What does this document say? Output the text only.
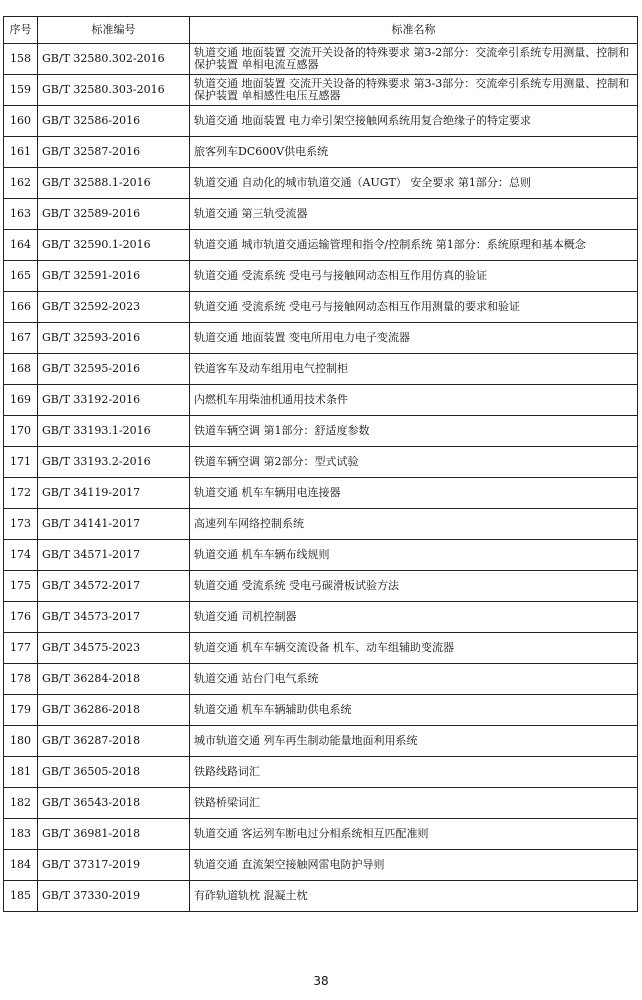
序号	标准编号	标准名称
158	GB/T 32580.302-2016	轨道交通 地面装置 交流开关设备的特殊要求 第3-2部分：交流牵引系统专用测量、控制和保护装置 单相电流互感器
159	GB/T 32580.303-2016	轨道交通 地面装置 交流开关设备的特殊要求 第3-3部分：交流牵引系统专用测量、控制和保护装置 单相感性电压互感器
160	GB/T 32586-2016	轨道交通 地面装置 电力牵引架空接触网系统用复合绝缘子的特定要求
161	GB/T 32587-2016	旅客列车DC600V供电系统
162	GB/T 32588.1-2016	轨道交通 自动化的城市轨道交通（AUGT） 安全要求 第1部分：总则
163	GB/T 32589-2016	轨道交通 第三轨受流器
164	GB/T 32590.1-2016	轨道交通 城市轨道交通运输管理和指令/控制系统 第1部分：系统原理和基本概念
165	GB/T 32591-2016	轨道交通 受流系统 受电弓与接触网动态相互作用仿真的验证
166	GB/T 32592-2023	轨道交通 受流系统 受电弓与接触网动态相互作用测量的要求和验证
167	GB/T 32593-2016	轨道交通 地面装置 变电所用电力电子变流器
168	GB/T 32595-2016	铁道客车及动车组用电气控制柜
169	GB/T 33192-2016	内燃机车用柴油机通用技术条件
170	GB/T 33193.1-2016	铁道车辆空调 第1部分：舒适度参数
171	GB/T 33193.2-2016	铁道车辆空调 第2部分：型式试验
172	GB/T 34119-2017	轨道交通 机车车辆用电连接器
173	GB/T 34141-2017	高速列车网络控制系统
174	GB/T 34571-2017	轨道交通 机车车辆布线规则
175	GB/T 34572-2017	轨道交通 受流系统 受电弓碳滑板试验方法
176	GB/T 34573-2017	轨道交通 司机控制器
177	GB/T 34575-2023	轨道交通 机车车辆交流设备 机车、动车组辅助变流器
178	GB/T 36284-2018	轨道交通 站台门电气系统
179	GB/T 36286-2018	轨道交通 机车车辆辅助供电系统
180	GB/T 36287-2018	城市轨道交通 列车再生制动能量地面利用系统
181	GB/T 36505-2018	铁路线路词汇
182	GB/T 36543-2018	铁路桥梁词汇
183	GB/T 36981-2018	轨道交通 客运列车断电过分相系统相互匹配准则
184	GB/T 37317-2019	轨道交通 直流架空接触网雷电防护导则
185	GB/T 37330-2019	有砟轨道轨枕 混凝土枕
38
